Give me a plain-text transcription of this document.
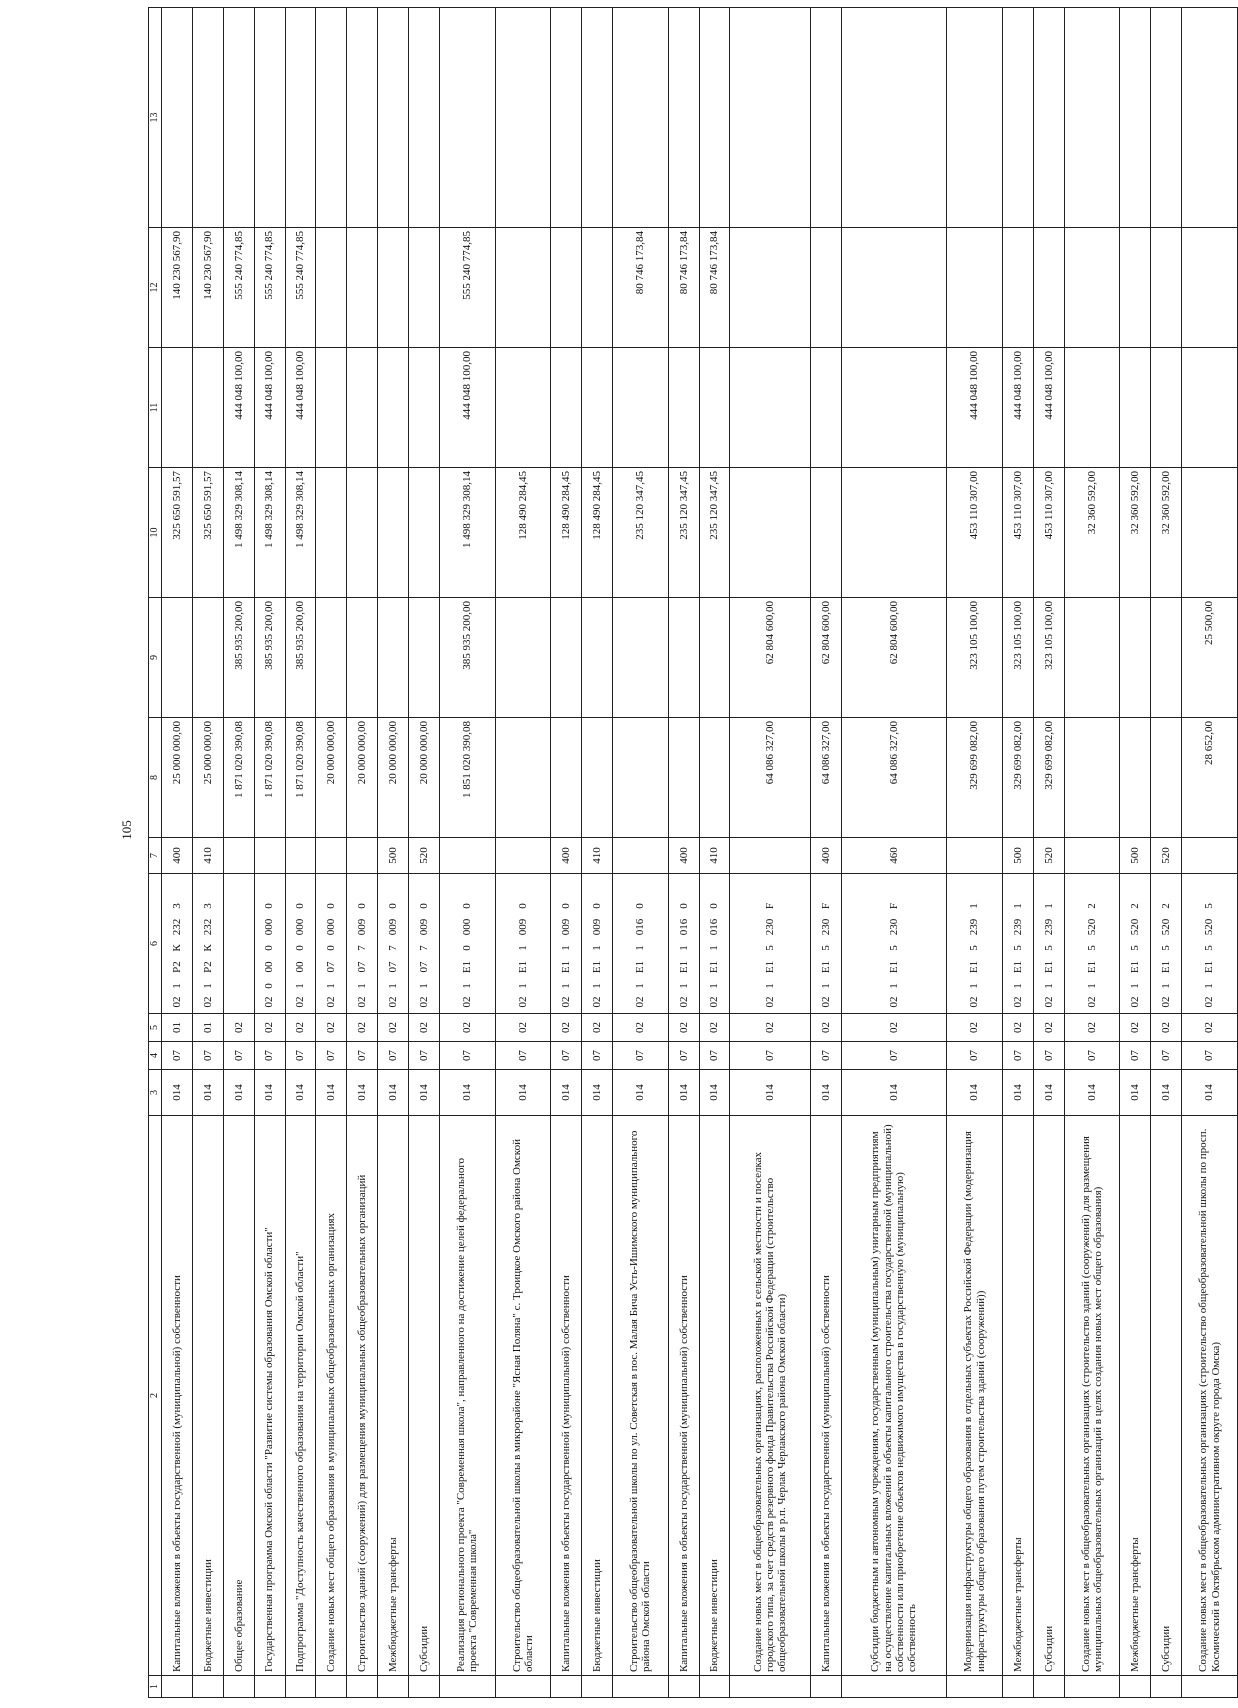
105
1	2	3	4	5	6	7	8	9	10	11	12	13
	Капитальные вложения в объекты государственной (муниципальной) собственности	014	07	01	021Р2К2323	400	25 000 000,00		325 650 591,57		140 230 567,90	
	Бюджетные инвестиции	014	07	01	021Р2К2323	410	25 000 000,00		325 650 591,57		140 230 567,90	
	Общее образование	014	07	02			1 871 020 390,08	385 935 200,00	1 498 329 308,14	444 048 100,00	555 240 774,85	
	Государственная программа Омской области "Развитие системы образования Омской области"	014	07	02	0200000000		1 871 020 390,08	385 935 200,00	1 498 329 308,14	444 048 100,00	555 240 774,85	
	Подпрограмма "Доступность качественного образования на территории Омской области"	014	07	02	0210000000		1 871 020 390,08	385 935 200,00	1 498 329 308,14	444 048 100,00	555 240 774,85	
	Создание новых мест общего образования в муниципальных общеобразовательных организациях	014	07	02	0210700000		20 000 000,00					
	Строительство зданий (сооружений) для размещения муниципальных общеобразовательных организаций	014	07	02	0210770090		20 000 000,00					
	Межбюджетные трансферты	014	07	02	0210770090	500	20 000 000,00					
	Субсидии	014	07	02	0210770090	520	20 000 000,00					
	Реализация регионального проекта "Современная школа", направленного на достижение целей федерального проекта "Современная школа"	014	07	02	021Е100000		1 851 020 390,08	385 935 200,00	1 498 329 308,14	444 048 100,00	555 240 774,85	
	Строительство общеобразовательной школы в микрорайоне "Ясная Поляна" с. Троицкое Омского района Омской области	014	07	02	021Е110090				128 490 284,45			
	Капитальные вложения в объекты государственной (муниципальной) собственности	014	07	02	021Е110090	400			128 490 284,45			
	Бюджетные инвестиции	014	07	02	021Е110090	410			128 490 284,45			
	Строительство общеобразовательной школы по ул. Советская в пос. Малая Бича Усть-Ишимского муниципального района Омской области	014	07	02	021Е110160				235 120 347,45		80 746 173,84	
	Капитальные вложения в объекты государственной (муниципальной) собственности	014	07	02	021Е110160	400			235 120 347,45		80 746 173,84	
	Бюджетные инвестиции	014	07	02	021Е110160	410			235 120 347,45		80 746 173,84	
	Создание новых мест в общеобразовательных организациях, расположенных в сельской местности и поселках городского типа, за счет средств резервного фонда Правительства Российской Федерации (строительство общеобразовательной школы в р.п. Черлак Черлакского района Омской области)	014	07	02	021Е15230F		64 086 327,00	62 804 600,00				
	Капитальные вложения в объекты государственной (муниципальной) собственности	014	07	02	021Е15230F	400	64 086 327,00	62 804 600,00				
	Субсидии бюджетным и автономным учреждениям, государственным (муниципальным) унитарным предприятиям на осуществление капитальных вложений в объекты капитального строительства государственной (муниципальной) собственности или приобретение объектов недвижимого имущества в государственную (муниципальную) собственность	014	07	02	021Е15230F	460	64 086 327,00	62 804 600,00				
	Модернизация инфраструктуры общего образования в отдельных субъектах Российской Федерации (модернизация инфраструктуры общего образования путем строительства зданий (сооружений))	014	07	02	021Е152391		329 699 082,00	323 105 100,00	453 110 307,00	444 048 100,00		
	Межбюджетные трансферты	014	07	02	021Е152391	500	329 699 082,00	323 105 100,00	453 110 307,00	444 048 100,00		
	Субсидии	014	07	02	021Е152391	520	329 699 082,00	323 105 100,00	453 110 307,00	444 048 100,00		
	Создание новых мест в общеобразовательных организациях (строительство зданий (сооружений) для размещения муниципальных общеобразовательных организаций в целях создания новых мест общего образования)	014	07	02	021Е155202				32 360 592,00			
	Межбюджетные трансферты	014	07	02	021Е155202	500			32 360 592,00			
	Субсидии	014	07	02	021Е155202	520			32 360 592,00			
	Создание новых мест в общеобразовательных организациях (строительство общеобразовательной школы по просп. Космический в Октябрьском административном округе города Омска)	014	07	02	021Е155205		28 652,00	25 500,00				
